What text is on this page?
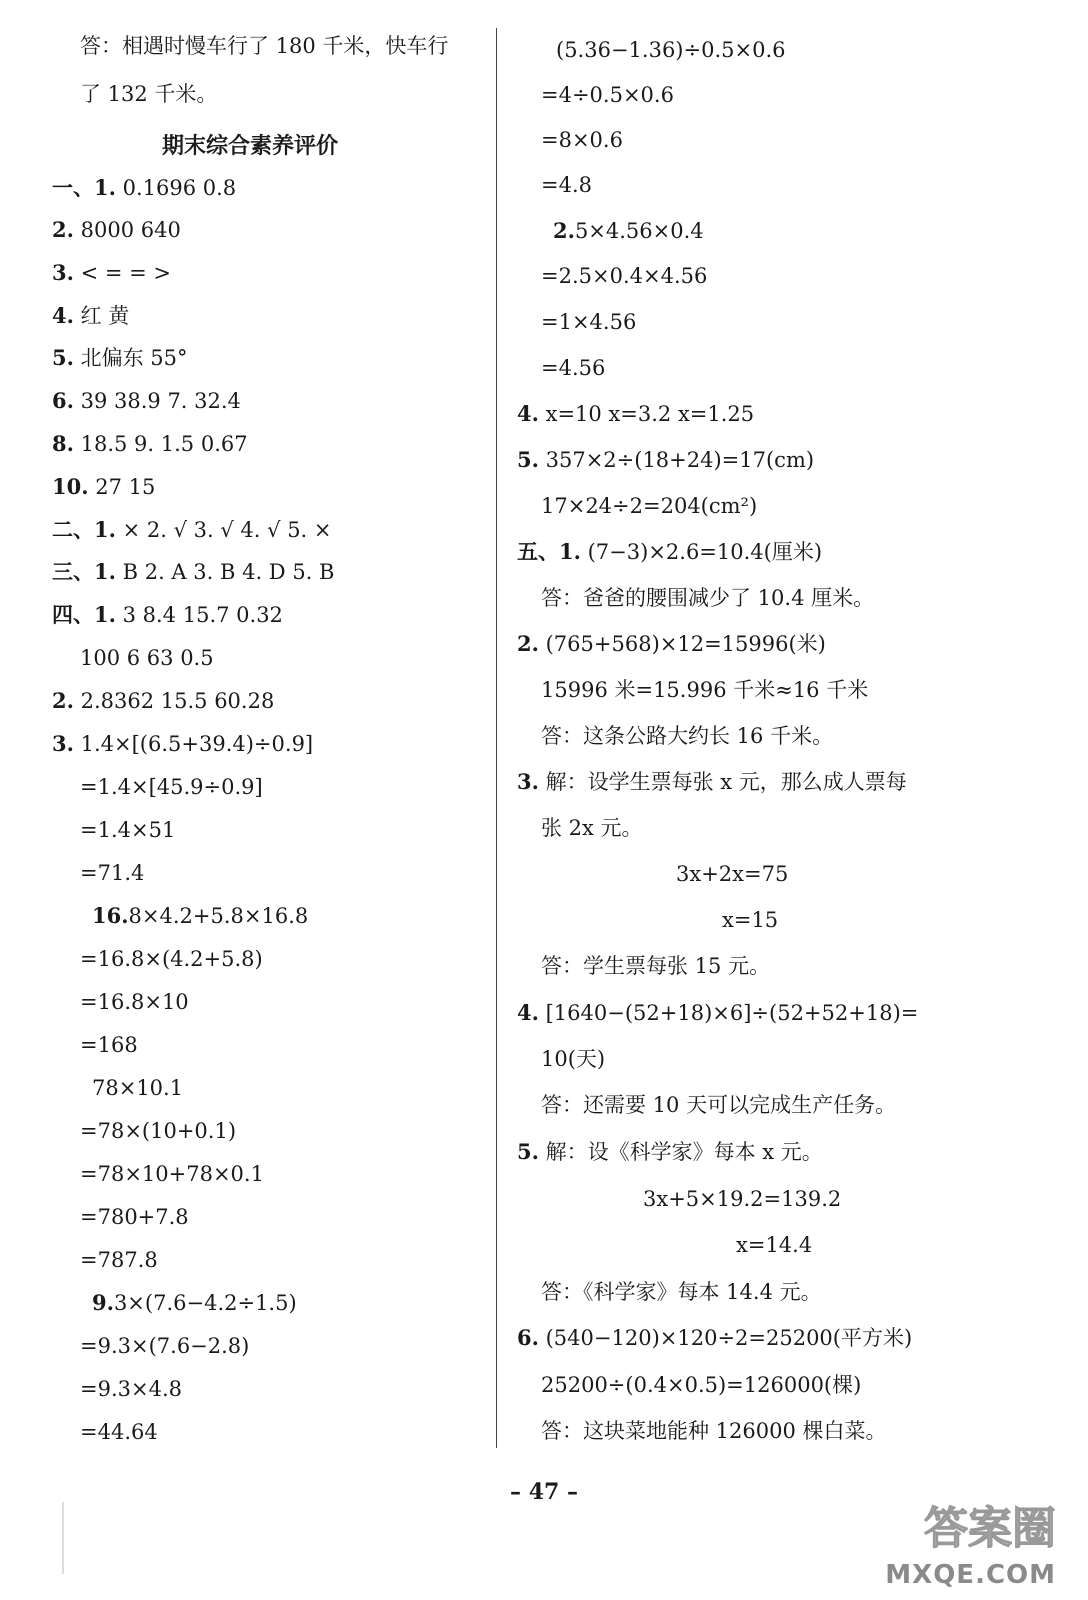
期末综合素养评价
答：相遇时慢车行了 180 千米，快车行
了 132 千米。
一、1. 0.1696 0.8
2. 8000 640
3. < = = >
4. 红 黄
5. 北偏东 55°
6. 39 38.9 7. 32.4
8. 18.5 9. 1.5 0.67
10. 27 15
二、1. × 2. √ 3. √ 4. √ 5. ×
三、1. B 2. A 3. B 4. D 5. B
四、1. 3 8.4 15.7 0.32
100 6 63 0.5
2. 2.8362 15.5 60.28
3. 1.4×[(6.5+39.4)÷0.9]
=1.4×[45.9÷0.9]
=1.4×51
=71.4
16.8×4.2+5.8×16.8
=16.8×(4.2+5.8)
=16.8×10
=168
78×10.1
=78×(10+0.1)
=78×10+78×0.1
=780+7.8
=787.8
9.3×(7.6−4.2÷1.5)
=9.3×(7.6−2.8)
=9.3×4.8
=44.64
(5.36−1.36)÷0.5×0.6
=4÷0.5×0.6
=8×0.6
=4.8
2.5×4.56×0.4
=2.5×0.4×4.56
=1×4.56
=4.56
4. x=10 x=3.2 x=1.25
5. 357×2÷(18+24)=17(cm)
17×24÷2=204(cm²)
五、1. (7−3)×2.6=10.4(厘米)
答：爸爸的腰围减少了 10.4 厘米。
2. (765+568)×12=15996(米)
15996 米=15.996 千米≈16 千米
答：这条公路大约长 16 千米。
3. 解：设学生票每张 x 元，那么成人票每
张 2x 元。
3x+2x=75
x=15
答：学生票每张 15 元。
4. [1640−(52+18)×6]÷(52+52+18)=
10(天)
答：还需要 10 天可以完成生产任务。
5. 解：设《科学家》每本 x 元。
3x+5×19.2=139.2
x=14.4
答：《科学家》每本 14.4 元。
6. (540−120)×120÷2=25200(平方米)
25200÷(0.4×0.5)=126000(棵)
答：这块菜地能种 126000 棵白菜。
– 47 –
答案圈
MXQE.COM
